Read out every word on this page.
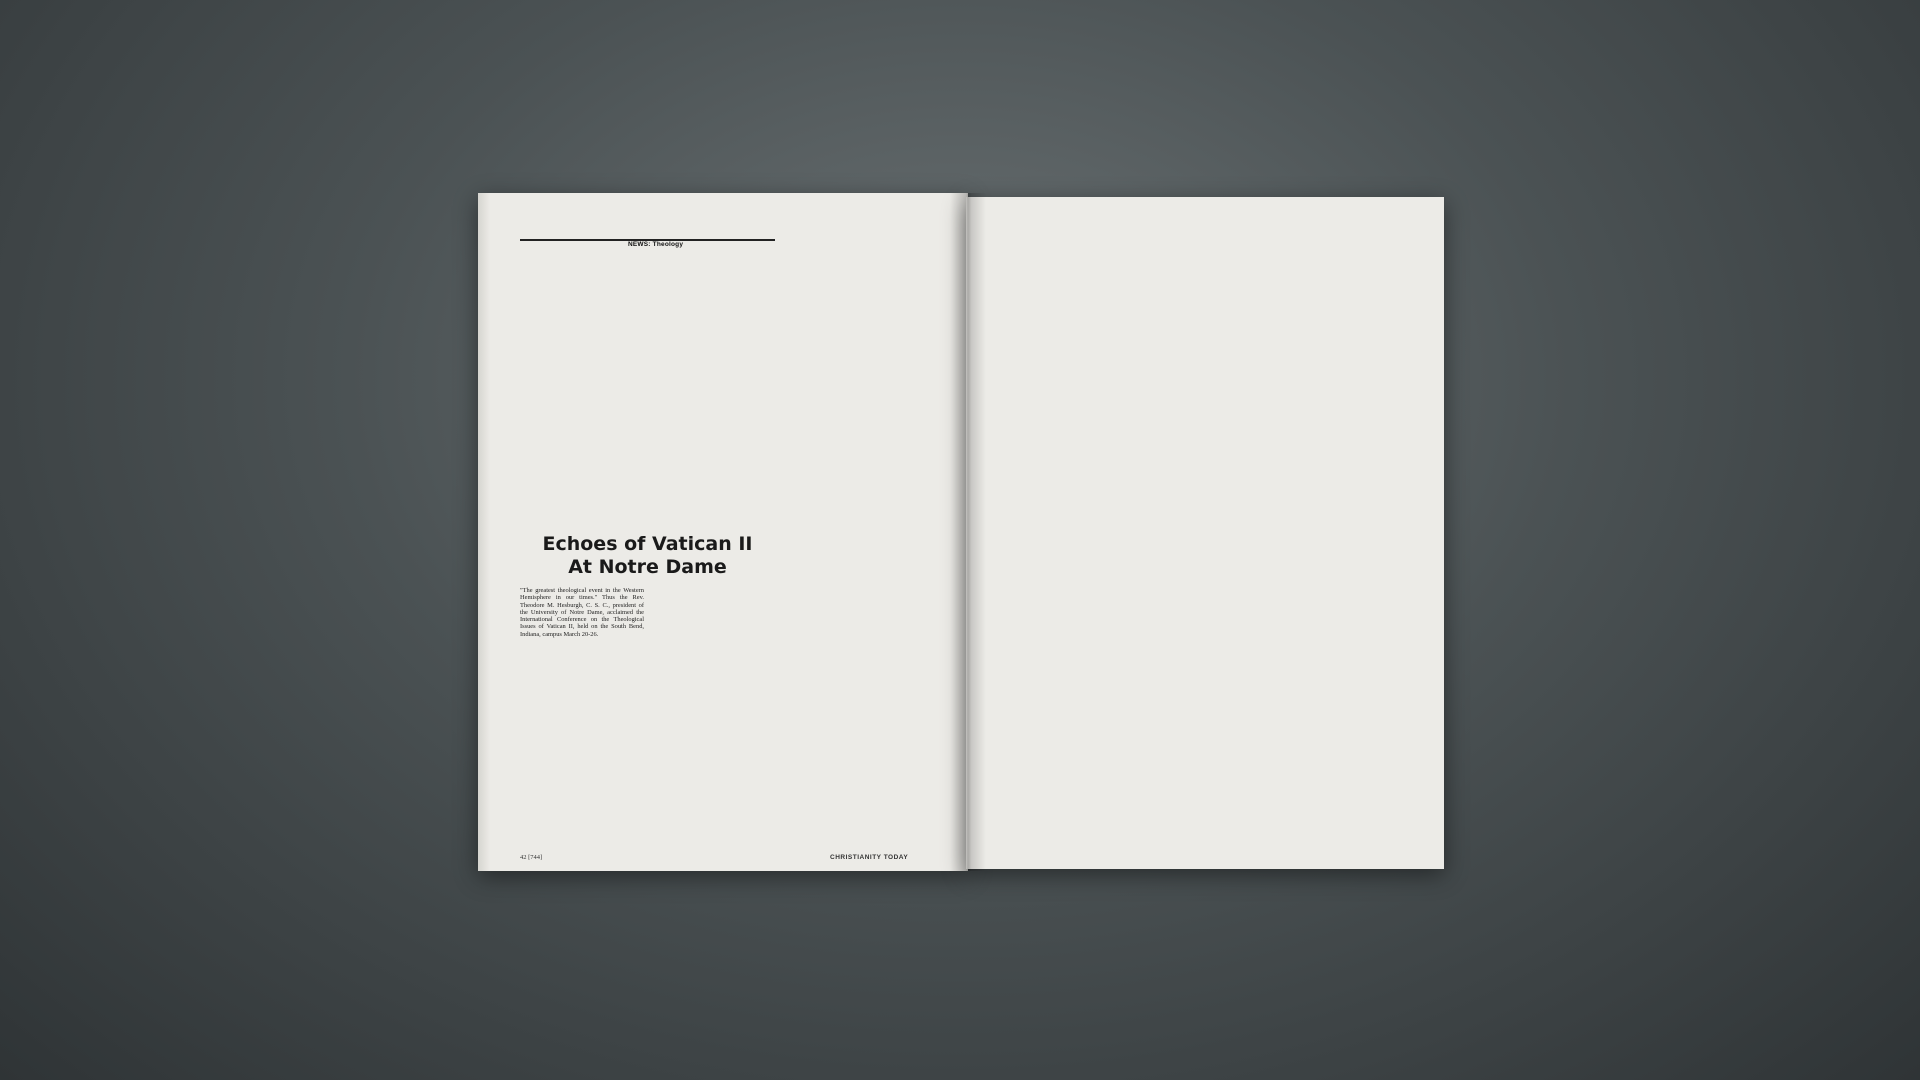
NEWS: Theology
Echoes of Vatican II
At Notre Dame

"The greatest theological event in the Western Hemisphere in our times." Thus the Rev. Theodore M. Hesburgh, C. S. C., president of the University of Notre Dame, acclaimed the International Conference on the Theological Issues of Vatican II, held on the South Bend, Indiana, campus March 20-26.

42 [744]	CHRISTIANITY TODAY
